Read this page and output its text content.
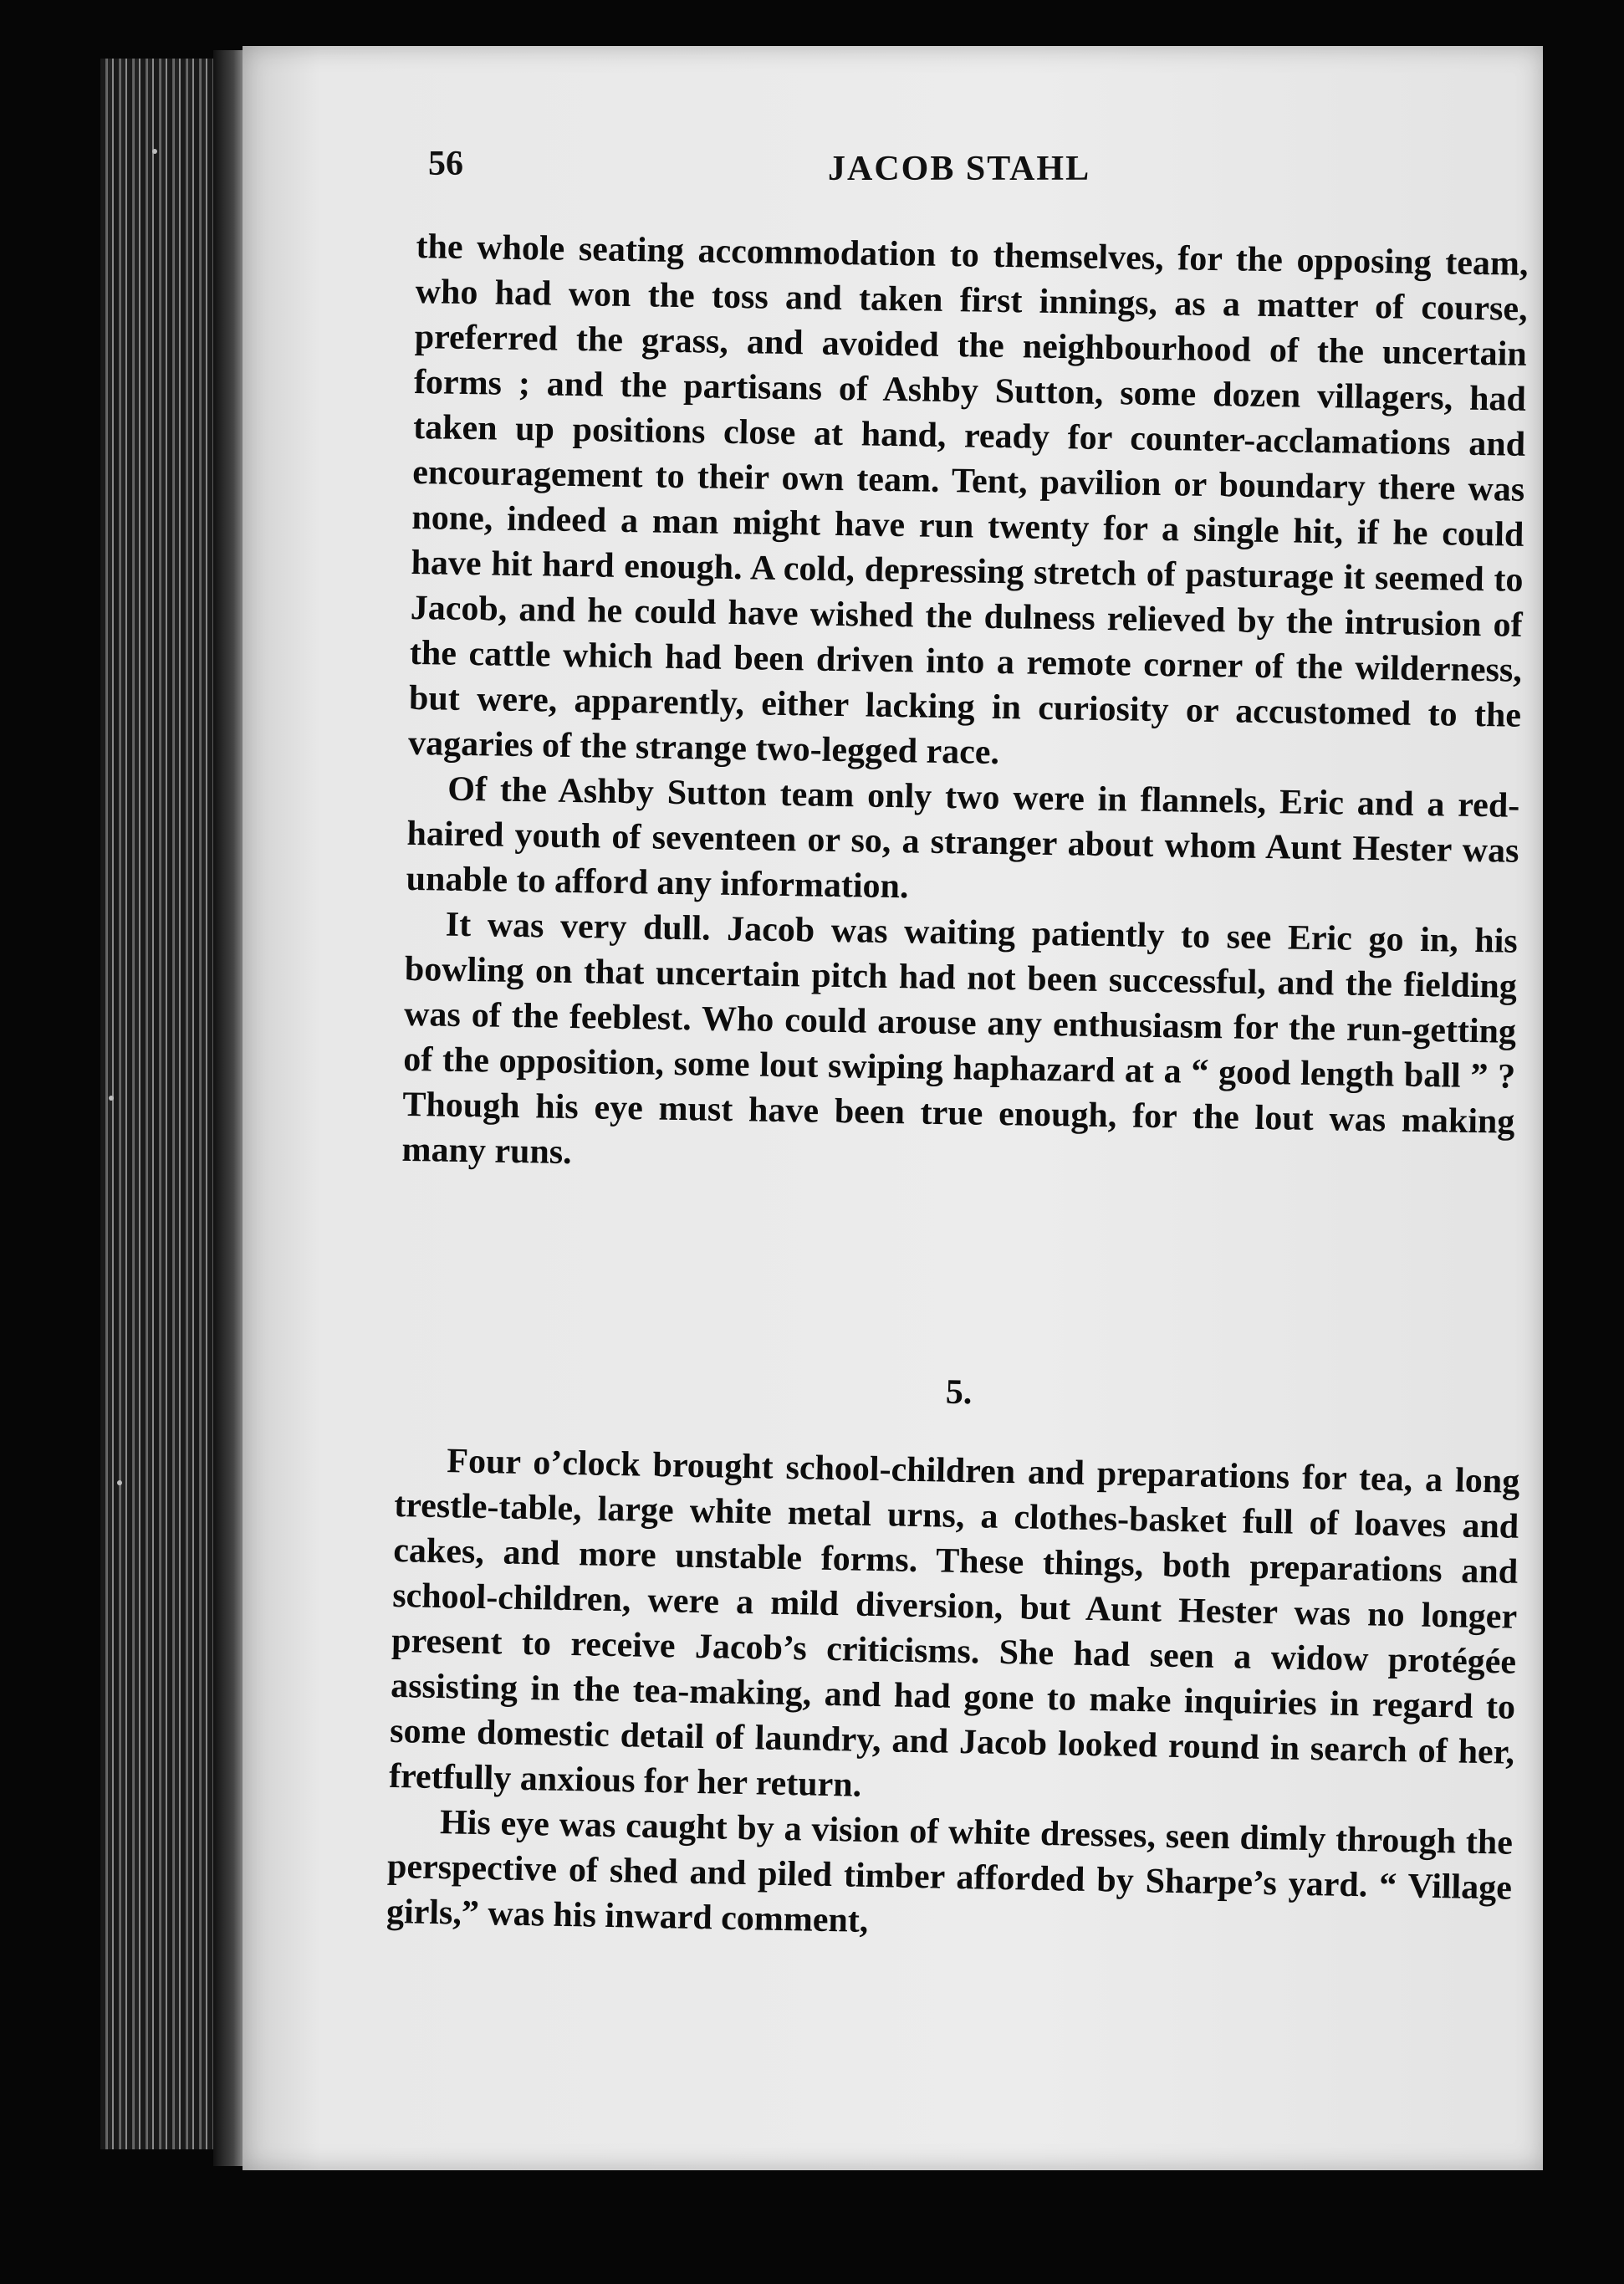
56	JACOB STAHL

the whole seating accommodation to themselves, for the opposing team, who had won the toss and taken first innings, as a matter of course, preferred the grass, and avoided the neighbourhood of the uncertain forms ; and the partisans of Ashby Sutton, some dozen villagers, had taken up positions close at hand, ready for counter-acclamations and encouragement to their own team. Tent, pavilion or boundary there was none, indeed a man might have run twenty for a single hit, if he could have hit hard enough. A cold, depressing stretch of pasturage it seemed to Jacob, and he could have wished the dulness relieved by the intrusion of the cattle which had been driven into a remote corner of the wilderness, but were, apparently, either lacking in curiosity or accustomed to the vagaries of the strange two-legged race.

Of the Ashby Sutton team only two were in flannels, Eric and a red-haired youth of seventeen or so, a stranger about whom Aunt Hester was unable to afford any information.

It was very dull. Jacob was waiting patiently to see Eric go in, his bowling on that uncertain pitch had not been successful, and the fielding was of the feeblest. Who could arouse any enthusiasm for the run-getting of the opposition, some lout swiping haphazard at a “ good length ball ” ? Though his eye must have been true enough, for the lout was making many runs.

5.

Four o’clock brought school-children and preparations for tea, a long trestle-table, large white metal urns, a clothes-basket full of loaves and cakes, and more unstable forms. These things, both preparations and school-children, were a mild diversion, but Aunt Hester was no longer present to receive Jacob’s criticisms. She had seen a widow protégée assisting in the tea-making, and had gone to make inquiries in regard to some domestic detail of laundry, and Jacob looked round in search of her, fretfully anxious for her return.

His eye was caught by a vision of white dresses, seen dimly through the perspective of shed and piled timber afforded by Sharpe’s yard. “ Village girls,” was his inward comment,
